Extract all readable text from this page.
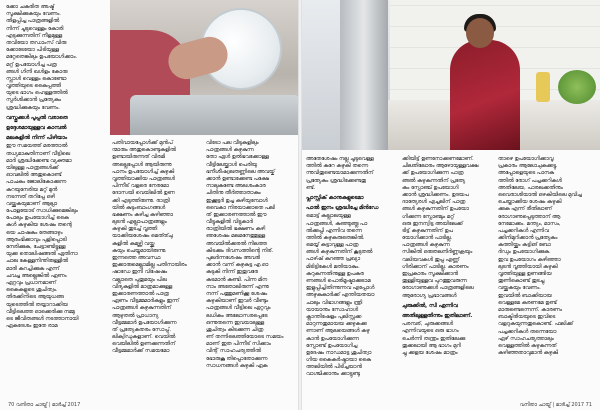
ക്കോ ചകരിത അഷ്ട്
സൂക്ഷിക്കുകയും വേണം.
തിളപ്പിച്ച പാത്രങ്ങളിൽ
നിന്ന് ചൂടുവെള്ളം കോരി
എടുക്കുന്നതിന് നീളമുള്ള
തവിയോ തഡാംസ് വിരു
ക്കോടേയോ പിടിയുള്ള
മറ്റേതെങ്കിലും ഉപയോഗിക്കാം.
മറ്റ് ഉപയോഗിച്ച പത്ര
ങ്ങൾ ഗിനി ഖൾളം കോരു
സ്ലാൾ വെള്ളം കൊണ്ടോ
വൃത്തിയുടെ കൈപ്പത്തി
യുടെ ഭാഗം ഹെള്ളത്തിൽ
സ്പർശിക്കാൻ പ്രത്യേകം
ശ്രദ്ധിക്കുകയും വേണം.
വസ്തുക്കൾ പൂപ്പൽ വരാതെ
ഉദ്ദേശമായുള്ളവ കാമ്പൽ
മലകളിൽ നിന്ന് പിഴിയാം
ഈ സമയത്ത് മരത്താൽ
തധ്യമാകുതിനാണ് വീട്ടിലെ
മാർ ശ്രദ്ധിക്കേണ്ട വ്യക്തമാ
യിലുള്ള പാത്രങ്ങൾക്ക്
ഓവലിൽ അതുകൊണ്ട്
പാചകം ജോലികോക്കുന്ന
കറയുനേരിയ മറ്റ് മുൻ
നടന്നത് തറിപ്പേ ഒഴി
വയ്ക്കുകയുമാണ് ആല്പാ
പോളയോട് സാധിക്കുമെങ്കിലും
പോലും ഉപയോഗിച്ച് കൈ
കൾ കഴുകിയ ശേഷം തന്റെ
യെ ചാഷകം തേങ്ങാഴും
ആരംഭിക്കാവും പുളിപ്പൊടി
നേരിക്കുക, ചേട്ടാണ്ടിട്ടുള്ള
യുക്ക തൊലിഷങ്ങൽ ഏതിനാ
ചാല കേള്ളനിന്തിരുള്ളിൽ
മാരി കുറച്ചിക്കുക എന്ന്
ചവച്ച അല്ലെങ്കിൽ ഏണം
ഏറ്റവും പ്രധാനമാണ്
കൈകളുടെ ശുചിത്വം.
തിരക്കിനിടെ ആയുധങ്ങ
യുടെത്തിൽ തയ്യാറാക്കിയ
വീട്ടിലെത്ത ഓക്കെരിക്കു നമ്മു
ടെ ജീവിതങ്ങൾ നടത്താനായി
ഏകദേശം ഇതേ രാമ
പതിവായപ്പോൾക്ക് മുൻപ്
ന്മാരും അതുകൊണ്ടുകളിൽ
ഉണ്ടായിരുന്നത് വിരമി
അല്ലെപ്പോൾ ആയിരുന്നു
പാനം ഉപയോഗിച്ച് കഴുകി
വൃത്തിയാക്കിയ പാത്രങ്ങൾ
പിന്നീട് വളരെ നേരമോ
ദോസയി വെയിലിൽ ഉണ
ക്കി എടുത്തിരുന്നു. രാത്രി
യിൽ കുടുംബാംഗങ്ങൾ
ഭക്ഷണം കഴിച്ച കഴിഞ്ഞാ
ലുടൻ എല്ലാപാത്രങ്ങളും
കഴുകി തുടച്ച് വൃത്തി
യാക്കിയശേഷം മെത്ത്ചു
കളിൽ കമഴ്ത്തി വയ്ക്കു
കയും ചെയ്യുമായിരുന്നു.
ഇന്നത്തെ അവസ്ഥ
ഇക്കാരുമെല്ലാമില്ല പതിനായിരം
ഷാഡേ ഇനി വിഷേഷം
വല്ലാതെ പുതുമയും പില
വിദ്യകളിൽ മാത്രമാക്കുള്ള
ഇക്കാരണത്താൽ പാത്ര
ഏണം വീട്ടമ്മമാർകളും ഇന്ന്
പാത്രങ്ങൾ കഴുകുന്നതിന്
ആഴുതൽ പ്രാധാന്യ
വീട്ടമ്മമാർ ഉപയോഗിക്കുന്ന
ത് പ്രത്യേകതരം സോപ്പ്.
ലിക്വിഡുകളാണ്. വെയിൽ
വെയിലിൽ ഉണക്കുന്നതിന്
വീട്ടമ്മമാർക്ക് സമയമോ
വിടോ പല വീടുകളിലും
പാത്രങ്ങൾ കഴുകുന്ന
തോ ഏൾ ഉൽഭവക്കോള്ള
വീട്ടിലേയ്ക്കാൾ പെരിയു
ഭനീശീഷ്വലതണ്ണിലെ അവയ്ക്
ക്കാൻ ഉണ്ടാക്കേണ്ട പക്ഷേ
നാലുകണ്ടേ അലശംകാര
ചിതിനു തീർത്താതാകും
ഇക്കൂട്ടർ ഉച്ച കഴിയുമ്പോൾ
വൈകാ നിരയാക്കാതെ പലി
ത് ഇക്കാരണത്താൽ ഈ
വീട്ടുകളിൽ വിട്ടുകാർ
രാത്രിയിൽ ഭക്ഷണം കഴി
ഞശേഷം മലമനേത്തുള്ള
അവയിൽക്കരൽ നിലത്ത
കിടക്കും ദിവസത്തിന്റെ നിര്.
പുലർന്നശേഷം അവരി
ക്കാൻ വന്ന് കഴുകട്ട എ.ഓ
കടുകി നിന്ന് ഇതുവരേ
കടമാൻ കണ്ടി. പിന്ന മിന
നാം അതോലിരുന്ന് എന്നു
നന്ന് പത്തുമണിക്കൂ ശേഷം
കഴുകിയാണ് ഇവർ വീണ്ടും
പാത്രങ്ങൾ വീട്ടിലെ ഏറ്റവും
ലധികം അലോസരപ്പെടേ
ഒന്നുതന്നെ ഇവയാലുള്ള
ശുചിത്വം കിടക്കുന്ന ചിത്ര
ണ് തന്നിലെത്തിയോടെ സമയം
മാണ് ഇത പിന്നീട് സിക്കാം
വിന്റ് സാഹചര്യത്തിൽ
ഭോരുകൂ തിപ്പൊതോക്കുന്ന
സാധനങ്ങൾ കഴുകി ഏക
70 വനിതാ ചായ്വ് | മാർച്ച് 2017
അതേശേഷം നല്ല ചൂടുവെള്ള
ത്തിൽ കുറേ കഴുകി തന്നെ
ന്നുവിതുണ്ടെയാമാക്കുന്നതിന്
പ്രത്യേകം ശ്രദ്ധിക്കേണ്ടതു
ണ്ട്.
പ്ലാസ്റ്റിക് കാനുകളുടെമാ
പാൽ ഇനം ശ്രദ്ധിച്ചേ മിൻഡേ
മൊട്ട് കല്ലാലയുള്ള
പാത്രങ്ങൾ, കുഞ്ഞുങ്ങ്ല പാ
ൽക്കുപ്പി എന്നിവ തന്നെ
ത്തിൽ കഴുകരുതെങ്കിൽ.
മെയ്യ് കട്ടാവുള്ള പാത്ര
ങ്ങൾ കഴുകുന്നതിന് കൂടുതൽ
പാഴ്ഷ് കുറഞ്ഞ പ്രഖ്യാ
മിടിട്ടികേൾ മതിയാകും.
കറുകുന്നതിനുള്ള ഉപകര
ണങ്ങൾ പൊരിമൂഷ്ടാക്കുടാമ
ഇളുപ്പിച്ചിതിന്നുന്നവ എപ്പോൾ
അഴുകുകാർക്ക് എന്തിയതയാ
ചാലും വിഭാഗങ്ങളും ന്ത്രി
യായാനും സോഹാൾ
ക്ലാന്തിഷേളം പുലിസ്റ്റക്ക
മാറുന്നതുമായയ ക്കഴുകക്ക
ണാണ് ആലയെങ്ങൾ കഴു
കാൻ ഉപയോഗിക്കുന്ന
സ്പോണ്ട് ഉപയോഗിച്ച
ഉദേഷം നാഡമാട്ട ശുചിത്വാ
ഗിയ കൈകർഷ്ഠായാ കൈ
ത്തലിയിൽ പിടിച്ചയാൻ
വാശ്ചിക്കാനും ക്കാട്ടുണ്ടു
ക്കിയിട്ട് ഉണനോക്കണമോണ്.
ചിലതിലോരം ആഴോയുള്ളവക്ഷ
ക്ക് ഉപയോഗിക്കുന്ന പാത്ര
ങ്ങൽ കഴുകുന്നതിന് പ്രത്യേ
കം സ്പോഞ്ച് ഉപയോഗി
ക്കാൻ ശ്രദ്ധിക്കണം. ഉദയപ
ദാത്യേരൾ എച്ചലിന് പാത്ര
ങ്ങൾ കഴുകുന്നതിന് ഉപയോ
ഗിക്കുന്ന സ്പോഞ്ചും മറ്റ്
ഒരു ഇനന്വിട്ട അയിലേക്ക്
ടിട്ട് കഴുകുന്നതിന് ഉപ
യോഗിക്കാൻ പാടില്ല.
പാത്രങ്ങൾ കഴുകുന്ന
സിങ്കിൽ ഒരുതലനിർണ്ണക്രയും
വലിയവകൾ തുപ്പ എണ്ണ്
ഗിരിക്കാന് പാടില്ല. കാരണം
ഇപ്രകാരം സൂക്ഷിക്കാൻ
തുള്ളിയുള്ളവ പുറത്തുവരുന്ന
രോഗാണുക്കൾ പാത്രങ്ങളിലെ
ആരോഗ്യ പ്രഭാവങ്ങൾ
ചുരുക്കിൽ, സി ഏന്നിവ
അതിലുള്ളതിന്നും ഇതിലാണ്.
പരമ്പര്, ചുരുക്കങ്ങൾ
എന്നിവയുടെ ഒരു ഭാഗം
ചെർന്നി തന്ത്രം ഇതിലേക്കു
തുക്കലായി ആ ഭാഗം മുറി
ച്ചു ക്കളയ ശേഷം മാത്രം
താഴെ ഉപയോഗിക്കാവൂ
പ്രകാരം ആലോചുകക്കട്ടു.
അപ്പോളെയുടെ പാനക
ത്തിൽ രോഗ് പച്ചക്കറികൾ
അതിലേയ, പാരലക്കതിനും
വൈരാശിയാൽ ഒഴകിയിലെ മുവിച്ച
ചെയ്താക്കിയ ശേഷം കഴുകി
ക്കുക എന്ന് രീതിലാണ്
രോഗാണുപ്പെടുത്താന് ആ
നേമോക്കം. മന്ത്യം, മാസം,
പച്ചക്കറികൾ എന്നിവ
ക്കിനിമുറിക്കാൻ പ്രത്യേകം
കത്തിയ്ക്കും കട്ടിങ് ബോ
ർഡും ഉപയോഗിക്കുക.
ഇവ ഉപയോഗം കഴിഞ്ഞാ
ലുടൻ വൃത്തിയായി കഴുകി
വൃത്തിയുള്ള ഉണങ്ങിയ
തുണികൊണ്ട് തുടച്ചു
വയ്ക്കുകയും വേണം.
ഇവയിൽ ബാക്കിയായ
വെള്ളമേ കരണമേ ഉണ്ട്
മാരുണ്ടെന്നെന്ന്. കാരണം
ബാക്ടിരിയയുടെ ഇവിടെ
വളറുകയുന്നതുകൊണ്ട്. ഫലിക്ക്
പച്ചക്കറികൾ തന്നെയോ
ഏഴ് സാഹചര്യത്താലും
വെള്ളത്തിൽ കഴുകുന്നത്
കഴിഞ്ഞതാവുമാൻ കഴുകി
വനിതാ ചായ്വ് | മാർച്ച് 2017 71
